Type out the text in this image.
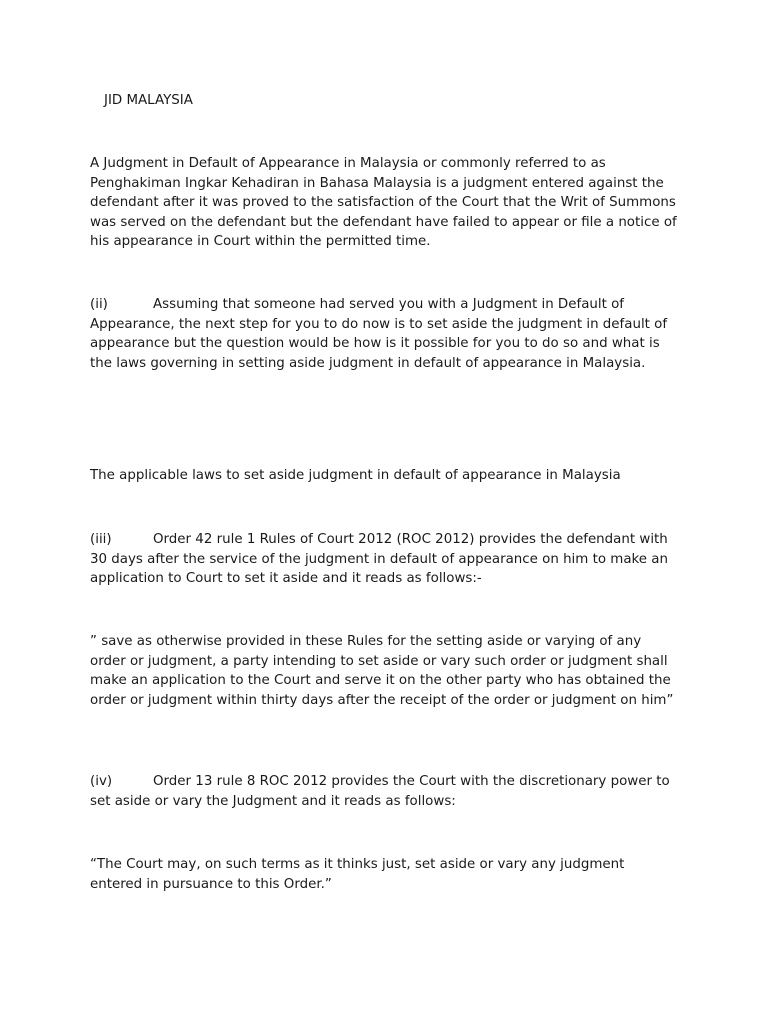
JID MALAYSIA

A Judgment in Default of Appearance in Malaysia or commonly referred to as Penghakiman Ingkar Kehadiran in Bahasa Malaysia is a judgment entered against the defendant after it was proved to the satisfaction of the Court that the Writ of Summons was served on the defendant but the defendant have failed to appear or file a notice of his appearance in Court within the permitted time.

(ii)	Assuming that someone had served you with a Judgment in Default of Appearance, the next step for you to do now is to set aside the judgment in default of appearance but the question would be how is it possible for you to do so and what is the laws governing in setting aside judgment in default of appearance in Malaysia.

The applicable laws to set aside judgment in default of appearance in Malaysia

(iii)	Order 42 rule 1 Rules of Court 2012 (ROC 2012) provides the defendant with 30 days after the service of the judgment in default of appearance on him to make an application to Court to set it aside and it reads as follows:-

” save as otherwise provided in these Rules for the setting aside or varying of any order or judgment, a party intending to set aside or vary such order or judgment shall make an application to the Court and serve it on the other party who has obtained the order or judgment within thirty days after the receipt of the order or judgment on him”

(iv)	Order 13 rule 8 ROC 2012 provides the Court with the discretionary power to set aside or vary the Judgment and it reads as follows:

“The Court may, on such terms as it thinks just, set aside or vary any judgment entered in pursuance to this Order.”
